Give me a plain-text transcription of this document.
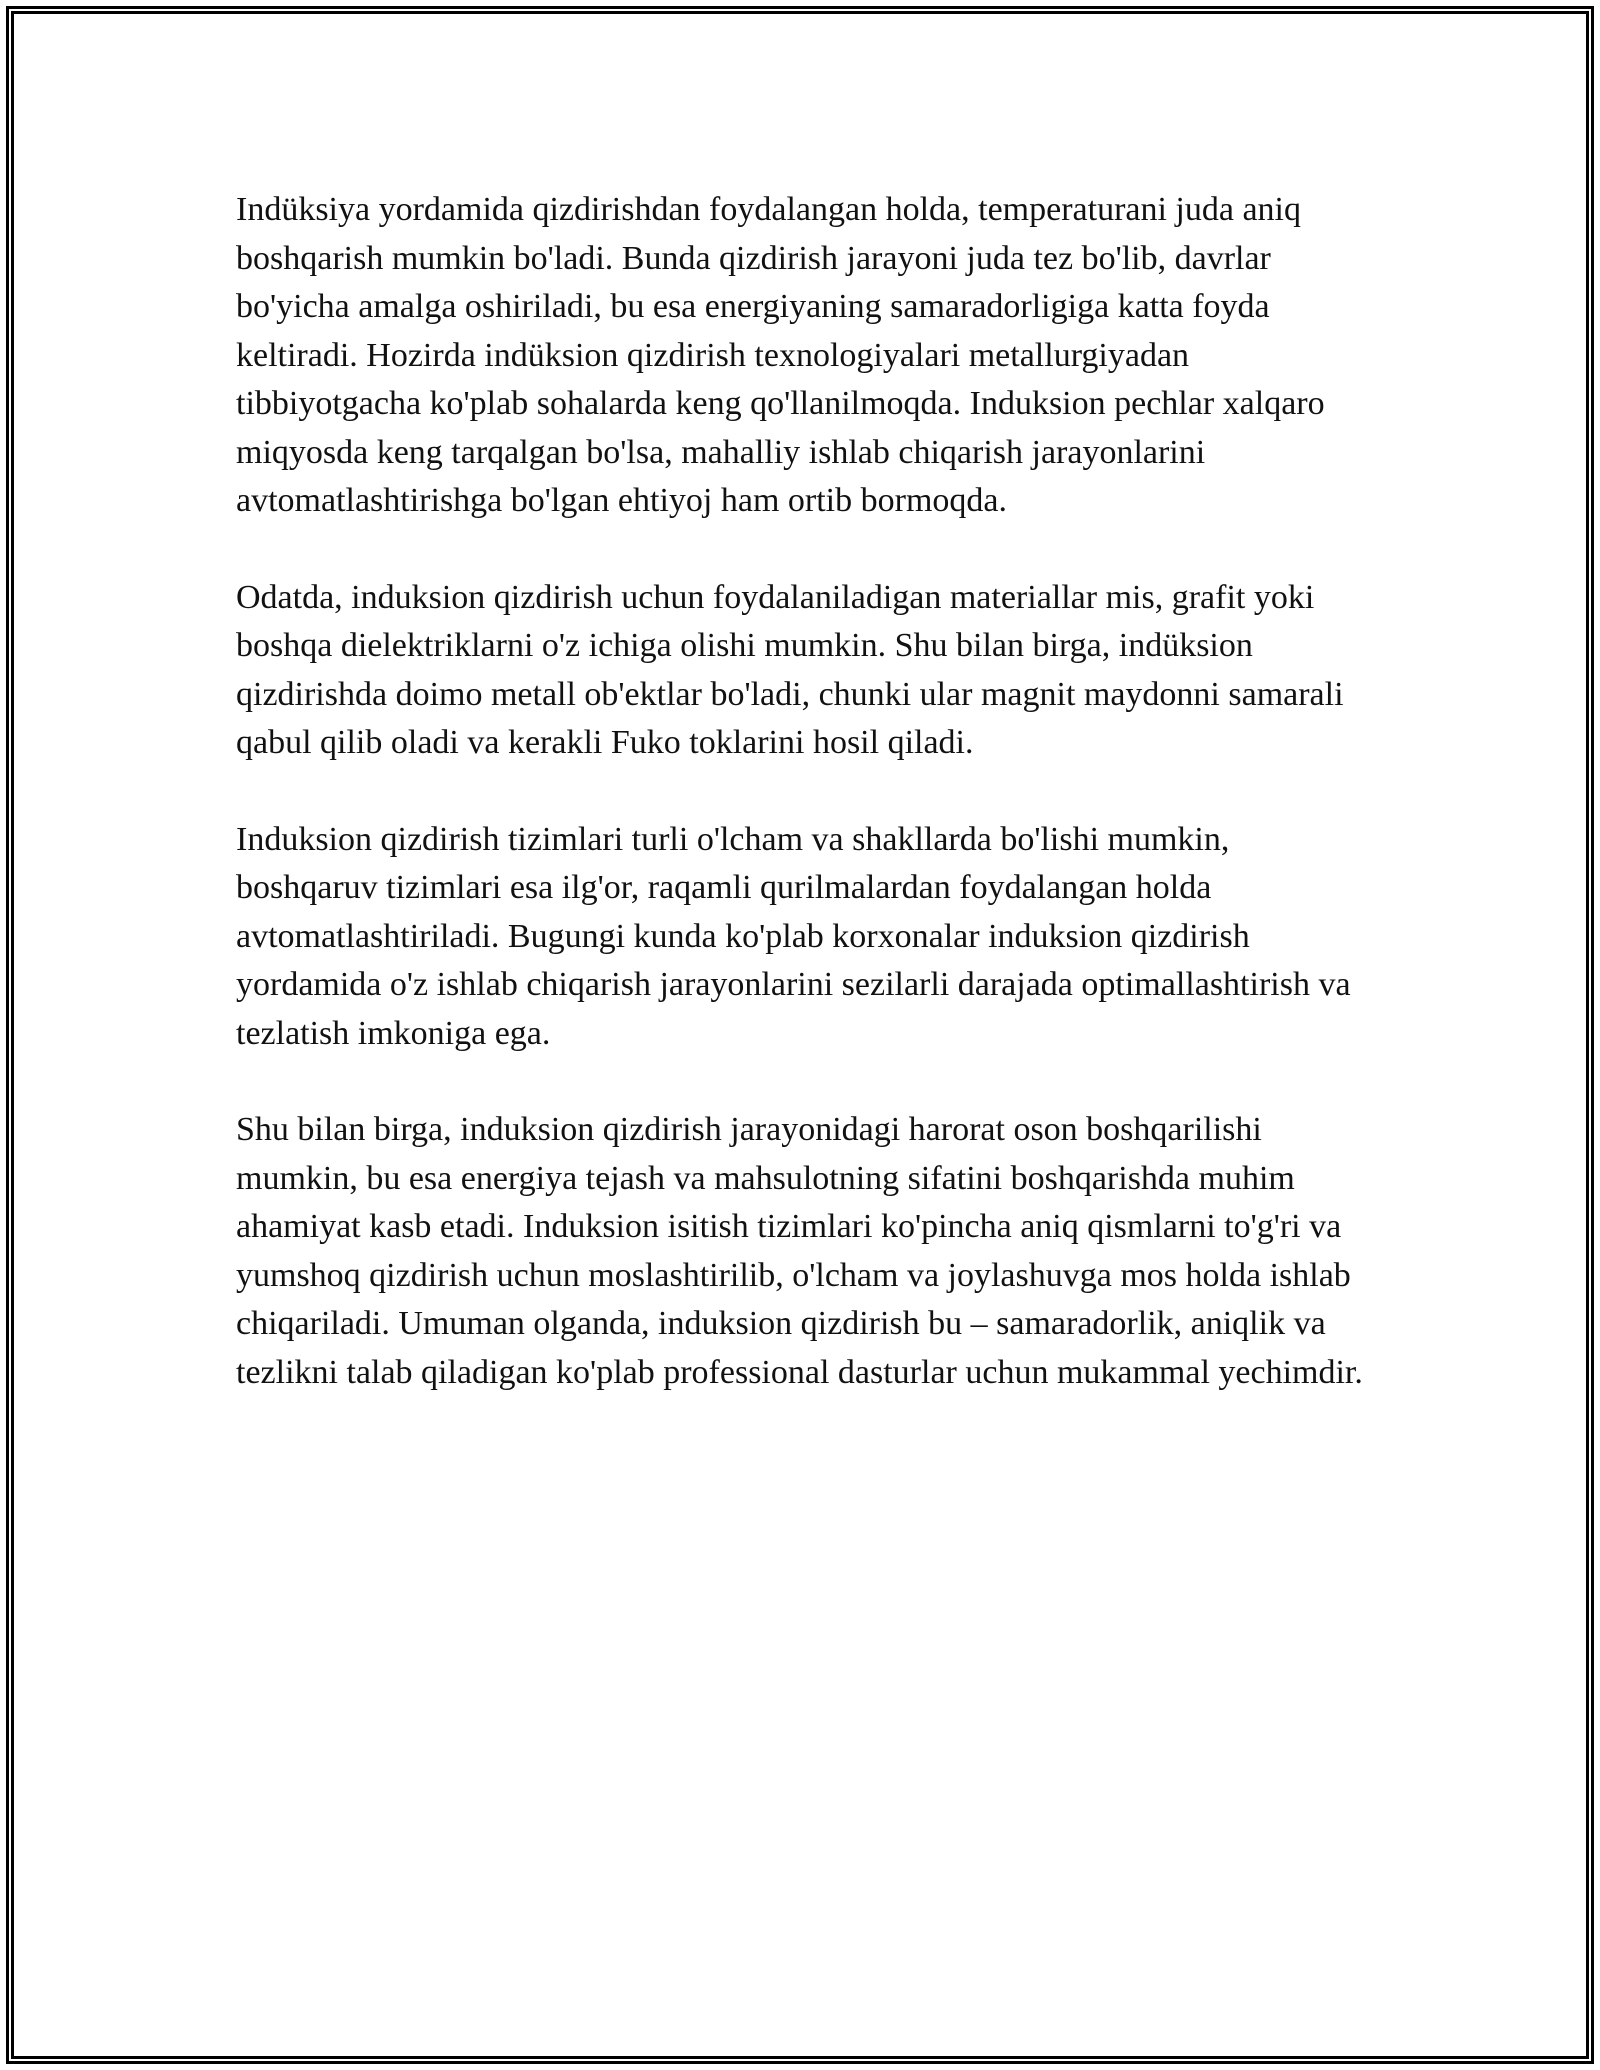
Indüksiya yordamida qizdirishdan foydalangan holda, temperaturani juda aniq boshqarish mumkin bo'ladi. Bunda qizdirish jarayoni juda tez bo'lib, davrlar bo'yicha amalga oshiriladi, bu esa energiyaning samaradorligiga katta foyda keltiradi. Hozirda indüksion qizdirish texnologiyalari metallurgiyadan tibbiyotgacha ko'plab sohalarda keng qo'llanilmoqda. Induksion pechlar xalqaro miqyosda keng tarqalgan bo'lsa, mahalliy ishlab chiqarish jarayonlarini avtomatlashtirishga bo'lgan ehtiyoj ham ortib bormoqda.

Odatda, induksion qizdirish uchun foydalaniladigan materiallar mis, grafit yoki boshqa dielektriklarni o'z ichiga olishi mumkin. Shu bilan birga, indüksion qizdirishda doimo metall ob'ektlar bo'ladi, chunki ular magnit maydonni samarali qabul qilib oladi va kerakli Fuko toklarini hosil qiladi.

Induksion qizdirish tizimlari turli o'lcham va shakllarda bo'lishi mumkin, boshqaruv tizimlari esa ilg'or, raqamli qurilmalardan foydalangan holda avtomatlashtiriladi. Bugungi kunda ko'plab korxonalar induksion qizdirish yordamida o'z ishlab chiqarish jarayonlarini sezilarli darajada optimallashtirish va tezlatish imkoniga ega.

Shu bilan birga, induksion qizdirish jarayonidagi harorat oson boshqarilishi mumkin, bu esa energiya tejash va mahsulotning sifatini boshqarishda muhim ahamiyat kasb etadi. Induksion isitish tizimlari ko'pincha aniq qismlarni to'g'ri va yumshoq qizdirish uchun moslashtirilib, o'lcham va joylashuvga mos holda ishlab chiqariladi. Umuman olganda, induksion qizdirish bu – samaradorlik, aniqlik va tezlikni talab qiladigan ko'plab professional dasturlar uchun mukammal yechimdir.
